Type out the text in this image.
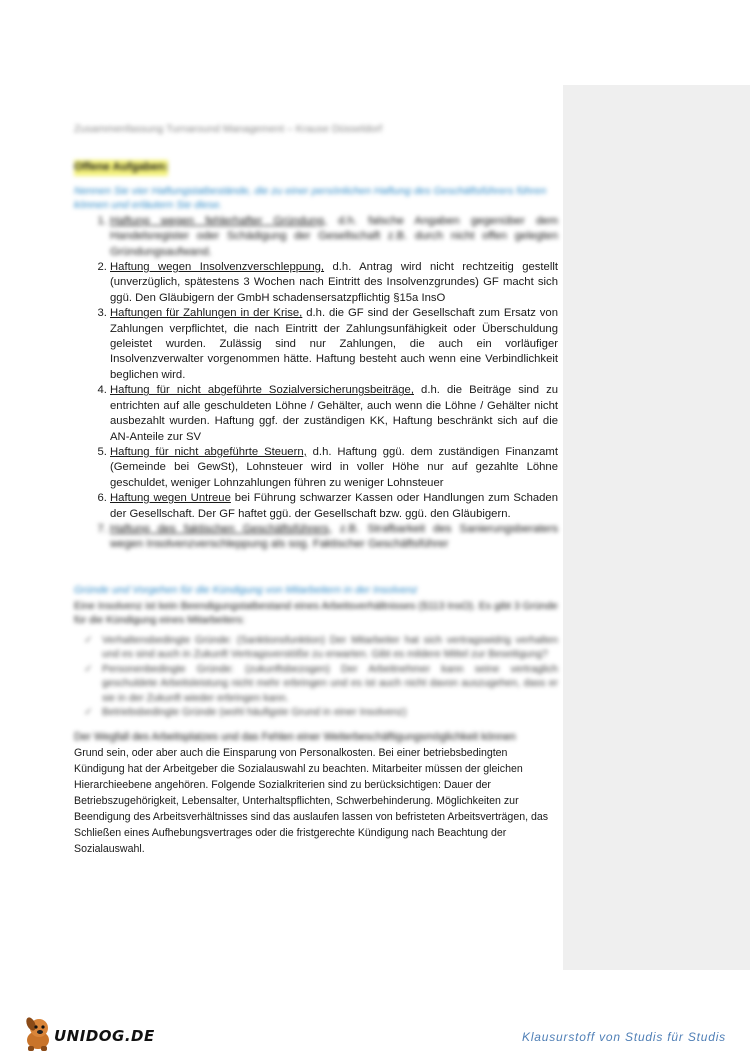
Zusammenfassung Turnaround Management – Krause Düsseldorf
Offene Aufgaben:
Nennen Sie vier Haftungstatbestände, die zu einer persönlichen Haftung des Geschäftsführers führen können und erläutern Sie diese.
1. Haftung wegen fehlerhafter Gründung, d.h. falsche Angaben gegenüber dem Handelsregister oder Schädigung der Gesellschaft z.B. durch nicht offen gelegten Gründungsaufwand.
2. Haftung wegen Insolvenzverschleppung, d.h. Antrag wird nicht rechtzeitig gestellt (unverzüglich, spätestens 3 Wochen nach Eintritt des Insolvenzgrundes) GF macht sich ggü. Den Gläubigern der GmbH schadensersatzpflichtig §15a InsO
3. Haftungen für Zahlungen in der Krise, d.h. die GF sind der Gesellschaft zum Ersatz von Zahlungen verpflichtet, die nach Eintritt der Zahlungsunfähigkeit oder Überschuldung geleistet wurden. Zulässig sind nur Zahlungen, die auch ein vorläufiger Insolvenzverwalter vorgenommen hätte. Haftung besteht auch wenn eine Verbindlichkeit beglichen wird.
4. Haftung für nicht abgeführte Sozialversicherungsbeiträge, d.h. die Beiträge sind zu entrichten auf alle geschuldeten Löhne / Gehälter, auch wenn die Löhne / Gehälter nicht ausbezahlt wurden. Haftung ggf. der zuständigen KK, Haftung beschränkt sich auf die AN-Anteile zur SV
5. Haftung für nicht abgeführte Steuern, d.h. Haftung ggü. dem zuständigen Finanzamt (Gemeinde bei GewSt), Lohnsteuer wird in voller Höhe nur auf gezahlte Löhne geschuldet, weniger Lohnzahlungen führen zu weniger Lohnsteuer
6. Haftung wegen Untreue bei Führung schwarzer Kassen oder Handlungen zum Schaden der Gesellschaft. Der GF haftet ggü. der Gesellschaft bzw. ggü. den Gläubigern.
7. Haftung des faktischen Geschäftsführers, z.B. Strafbarkeit des Sanierungsberaters wegen Insolvenzverschleppung als sog. Faktischer Geschäftsführer
Gründe und Vorgehen für die Kündigung von Mitarbeitern in der Insolvenz
Eine Insolvenz ist kein Beendigungstatbestand eines Arbeitsverhältnisses (§113 InsO). Es gibt 3 Gründe für die Kündigung eines Mitarbeiters:
✓ Verhaltensbedingte Gründe: (Sanktionsfunktion) Der Mitarbeiter hat sich vertragswidrig verhalten und es sind auch in Zukunft Vertragsverstöße zu erwarten. Gibt es mildere Mittel zur Beseitigung?
✓ Personenbedingte Gründe: (zukunftsbezogen) Der Arbeitnehmer kann seine vertraglich geschuldete Arbeitsleistung nicht mehr erbringen und es ist auch nicht davon auszugehen, dass er sie in der Zukunft wieder erbringen kann.
✓ Betriebsbedingte Gründe (wohl häufigste Grund in einer Insolvenz)
Der Wegfall des Arbeitsplatzes und das Fehlen einer Weiterbeschäftigungsmöglichkeit können
Grund sein, oder aber auch die Einsparung von Personalkosten. Bei einer betriebsbedingten Kündigung hat der Arbeitgeber die Sozialauswahl zu beachten. Mitarbeiter müssen der gleichen Hierarchieebene angehören. Folgende Sozialkriterien sind zu berücksichtigen: Dauer der Betriebszugehörigkeit, Lebensalter, Unterhaltspflichten, Schwerbehinderung. Möglichkeiten zur Beendigung des Arbeitsverhältnisses sind das auslaufen lassen von befristeten Arbeitsverträgen, das Schließen eines Aufhebungsvertrages oder die fristgerechte Kündigung nach Beachtung der Sozialauswahl.
UNIDOG.DE	Klausurstoff von Studis für Studis
